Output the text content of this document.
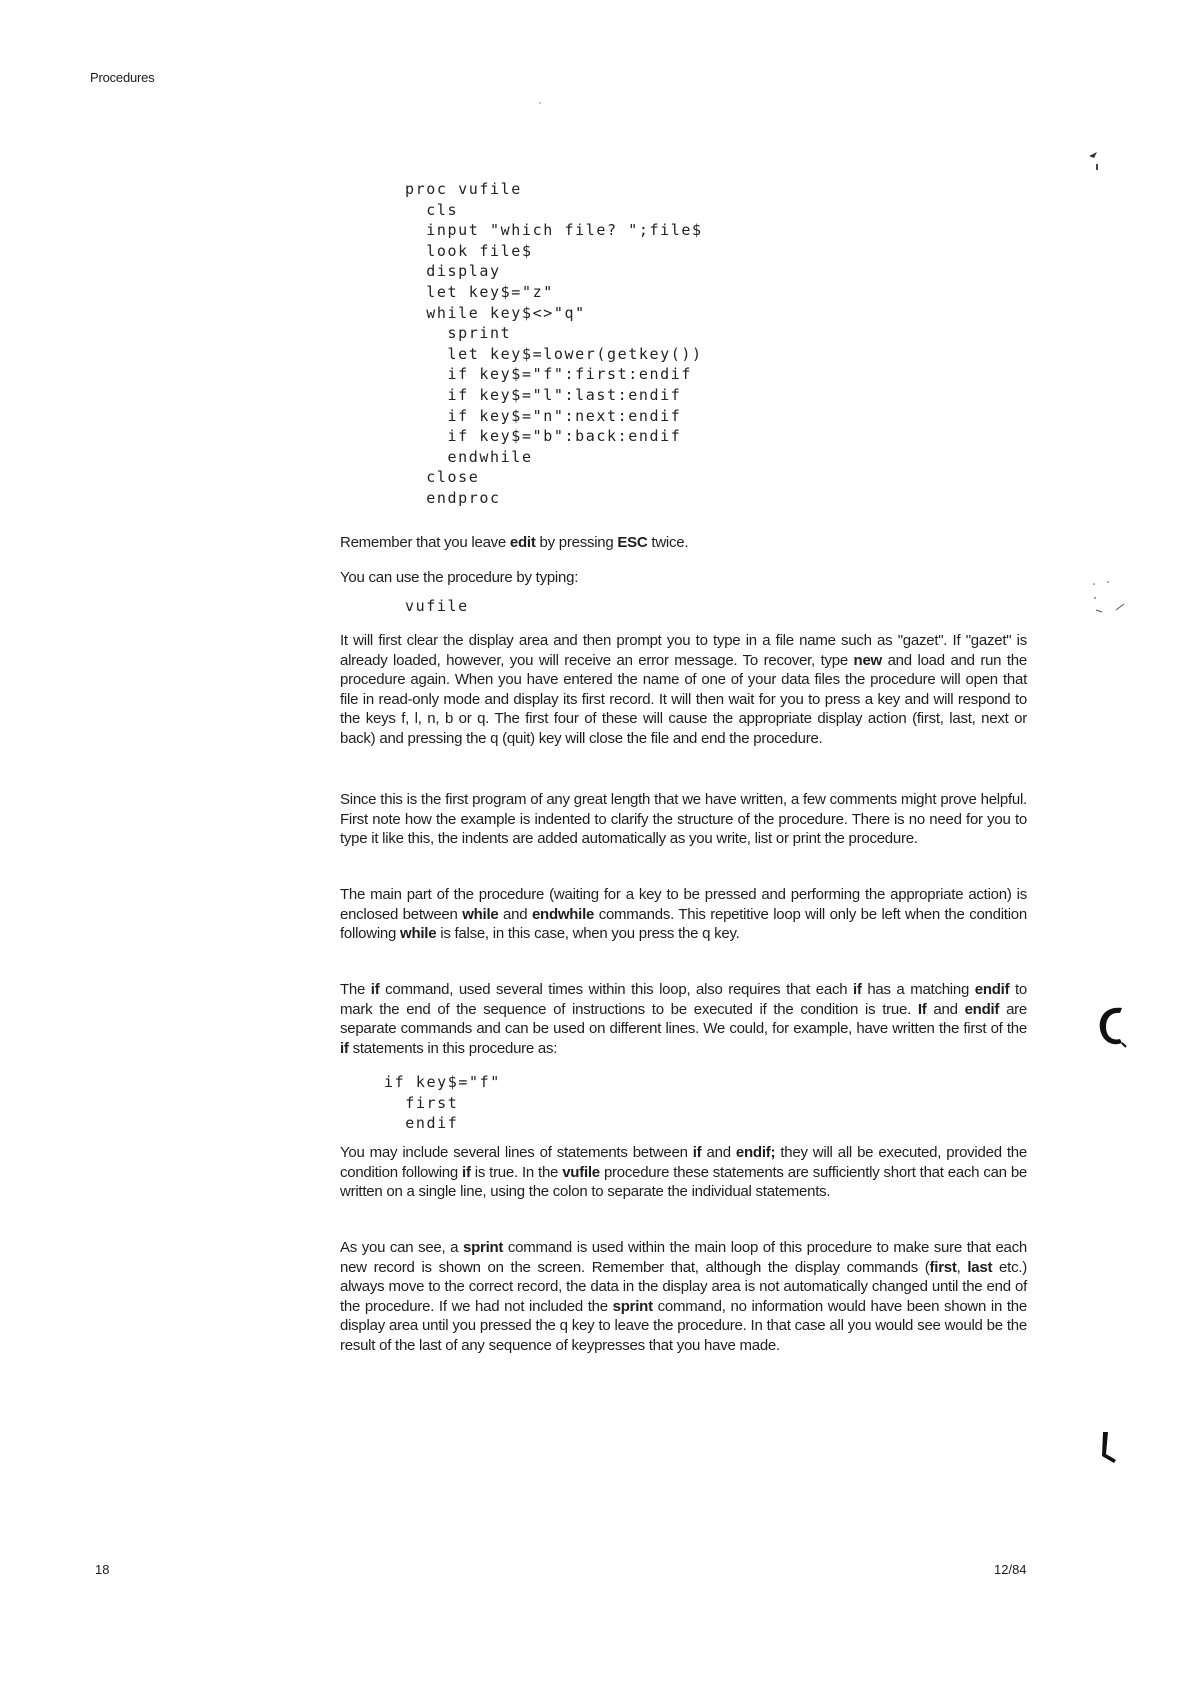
Procedures
proc vufile
cls
input "which file? ";file$
look file$
display
let key$="z"
while key$<>"q"
sprint
let key$=lower(getkey())
if key$="f":first:endif
if key$="l":last:endif
if key$="n":next:endif
if key$="b":back:endif
endwhile
close
endproc

Remember that you leave edit by pressing ESC twice.

You can use the procedure by typing:

vufile

It will first clear the display area and then prompt you to type in a file name such as "gazet". If "gazet" is already loaded, however, you will receive an error message. To recover, type new and load and run the procedure again. When you have entered the name of one of your data files the procedure will open that file in read-only mode and display its first record. It will then wait for you to press a key and will respond to the keys f, l, n, b or q. The first four of these will cause the appropriate display action (first, last, next or back) and pressing the q (quit) key will close the file and end the procedure.

Since this is the first program of any great length that we have written, a few comments might prove helpful. First note how the example is indented to clarify the structure of the procedure. There is no need for you to type it like this, the indents are added automatically as you write, list or print the procedure.

The main part of the procedure (waiting for a key to be pressed and performing the appropriate action) is enclosed between while and endwhile commands. This repetitive loop will only be left when the condition following while is false, in this case, when you press the q key.

The if command, used several times within this loop, also requires that each if has a matching endif to mark the end of the sequence of instructions to be executed if the condition is true. If and endif are separate commands and can be used on different lines. We could, for example, have written the first of the if statements in this procedure as:

if key$="f"
first
endif

You may include several lines of statements between if and endif; they will all be executed, provided the condition following if is true. In the vufile procedure these statements are sufficiently short that each can be written on a single line, using the colon to separate the individual statements.

As you can see, a sprint command is used within the main loop of this procedure to make sure that each new record is shown on the screen. Remember that, although the display commands (first, last etc.) always move to the correct record, the data in the display area is not automatically changed until the end of the procedure. If we had not included the sprint command, no information would have been shown in the display area until you pressed the q key to leave the procedure. In that case all you would see would be the result of the last of any sequence of keypresses that you have made.

18	12/84
